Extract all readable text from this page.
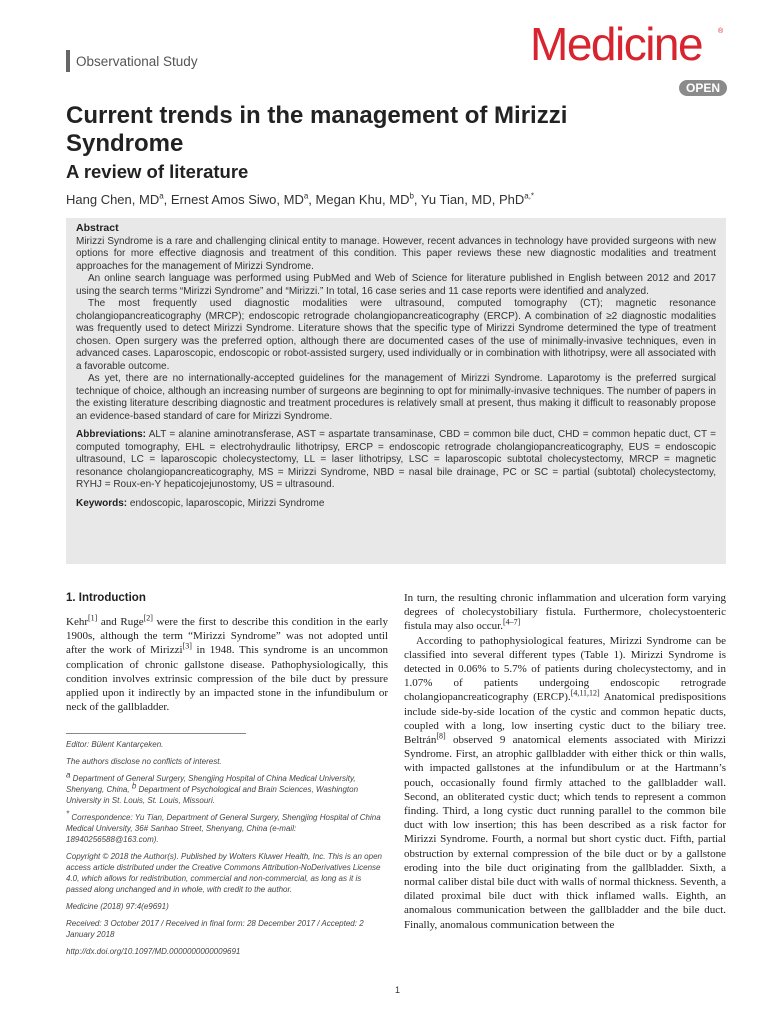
Observational Study	Medicine ®
OPEN
Current trends in the management of Mirizzi Syndrome
A review of literature
Hang Chen, $MD^a$, Ernest Amos Siwo, $MD^a$, Megan Khu, $MD^b$, Yu Tian, MD, PhD$^{a,*}$
Abstract

Mirizzi Syndrome is a rare and challenging clinical entity to manage. However, recent advances in technology have provided surgeons with new options for more effective diagnosis and treatment of this condition. This paper reviews these new diagnostic modalities and treatment approaches for the management of Mirizzi Syndrome.

An online search language was performed using PubMed and Web of Science for literature published in English between 2012 and 2017 using the search terms “Mirizzi Syndrome” and “Mirizzi.” In total, 16 case series and 11 case reports were identified and analyzed.

The most frequently used diagnostic modalities were ultrasound, computed tomography (CT); magnetic resonance cholangiopancreaticography (MRCP); endoscopic retrograde cholangiopancreaticography (ERCP). A combination of ≥2 diagnostic modalities was frequently used to detect Mirizzi Syndrome. Literature shows that the specific type of Mirizzi Syndrome determined the type of treatment chosen. Open surgery was the preferred option, although there are documented cases of the use of minimally-invasive techniques, even in advanced cases. Laparoscopic, endoscopic or robot-assisted surgery, used individually or in combination with lithotripsy, were all associated with a favorable outcome.

As yet, there are no internationally-accepted guidelines for the management of Mirizzi Syndrome. Laparotomy is the preferred surgical technique of choice, although an increasing number of surgeons are beginning to opt for minimally-invasive techniques. The number of papers in the existing literature describing diagnostic and treatment procedures is relatively small at present, thus making it difficult to reasonably propose an evidence-based standard of care for Mirizzi Syndrome.

Abbreviations: ALT = alanine aminotransferase, AST = aspartate transaminase, CBD = common bile duct, CHD = common hepatic duct, CT = computed tomography, EHL = electrohydraulic lithotripsy, ERCP = endoscopic retrograde cholangiopancreaticography, EUS = endoscopic ultrasound, LC = laparoscopic cholecystectomy, LL = laser lithotripsy, LSC = laparoscopic subtotal cholecystectomy, MRCP = magnetic resonance cholangiopancreaticography, MS = Mirizzi Syndrome, NBD = nasal bile drainage, PC or SC = partial (subtotal) cholecystectomy, RYHJ = Roux-en-Y hepaticojejunostomy, US = ultrasound.

Keywords: endoscopic, laparoscopic, Mirizzi Syndrome

1. Introduction

Kehr[1] and Ruge[2] were the first to describe this condition in the early 1900s, although the term “Mirizzi Syndrome” was not adopted until after the work of Mirizzi[3] in 1948. This syndrome is an uncommon complication of chronic gallstone disease. Pathophysiologically, this condition involves extrinsic compression of the bile duct by pressure applied upon it indirectly by an impacted stone in the infundibulum or neck of the gallbladder.

Editor: Bülent Kantarçeken.

The authors disclose no conflicts of interest.

$^a$ Department of General Surgery, Shengjing Hospital of China Medical University, Shenyang, China, $^b$ Department of Psychological and Brain Sciences, Washington University in St. Louis, St. Louis, Missouri.

* Correspondence: Yu Tian, Department of General Surgery, Shengjing Hospital of China Medical University, 36# Sanhao Street, Shenyang, China (e-mail: 18940256588@163.com).

Copyright © 2018 the Author(s). Published by Wolters Kluwer Health, Inc. This is an open access article distributed under the Creative Commons Attribution-NoDerivatives License 4.0, which allows for redistribution, commercial and non-commercial, as long as it is passed along unchanged and in whole, with credit to the author.

Medicine (2018) 97:4(e9691)

Received: 3 October 2017 / Received in final form: 28 December 2017 / Accepted: 2 January 2018

http://dx.doi.org/10.1097/MD.0000000000009691

In turn, the resulting chronic inflammation and ulceration form varying degrees of cholecystobiliary fistula. Furthermore, cholecystoenteric fistula may also occur.[4–7]

According to pathophysiological features, Mirizzi Syndrome can be classified into several different types (Table 1). Mirizzi Syndrome is detected in 0.06% to 5.7% of patients during cholecystectomy, and in 1.07% of patients undergoing endoscopic retrograde cholangiopancreaticography (ERCP).[4,11,12] Anatomical predispositions include side-by-side location of the cystic and common hepatic ducts, coupled with a long, low inserting cystic duct to the biliary tree. Beltrán[8] observed 9 anatomical elements associated with Mirizzi Syndrome. First, an atrophic gallbladder with either thick or thin walls, with impacted gallstones at the infundibulum or at the Hartmann’s pouch, occasionally found firmly attached to the gallbladder wall. Second, an obliterated cystic duct; which tends to represent a common finding. Third, a long cystic duct running parallel to the common bile duct with low insertion; this has been described as a risk factor for Mirizzi Syndrome. Fourth, a normal but short cystic duct. Fifth, partial obstruction by external compression of the bile duct or by a gallstone eroding into the bile duct originating from the gallbladder. Sixth, a normal caliber distal bile duct with walls of normal thickness. Seventh, a dilated proximal bile duct with thick inflamed walls. Eighth, an anomalous communication between the gallbladder and the bile duct. Finally, anomalous communication between the

1
